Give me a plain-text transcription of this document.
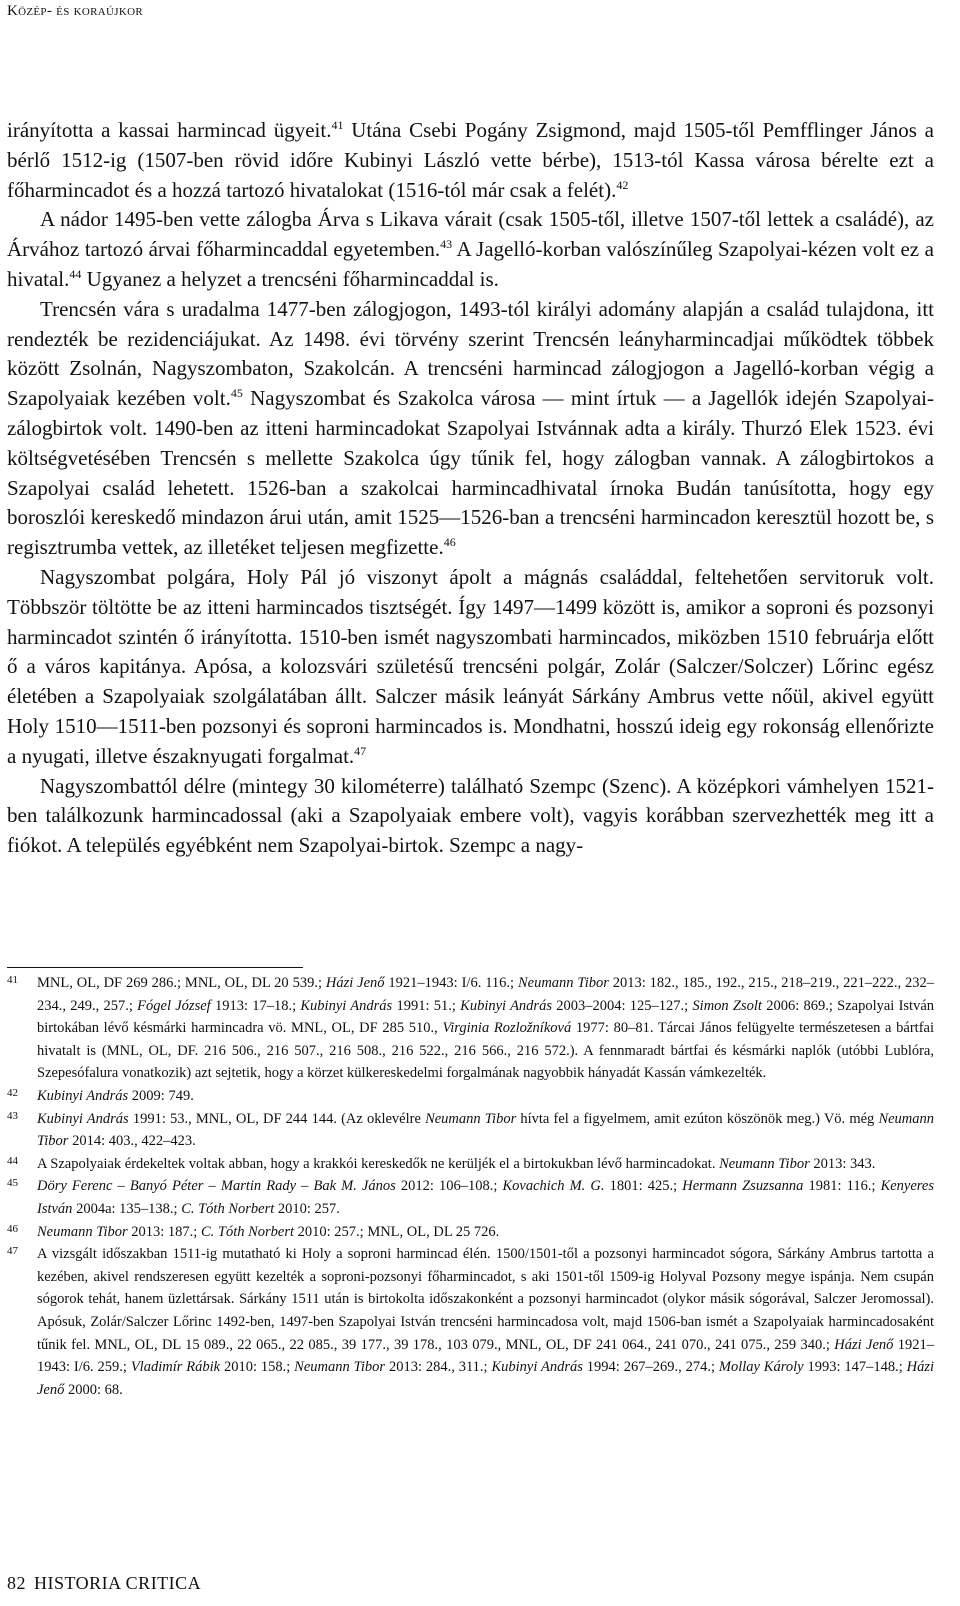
Közép- és koraújkor

irányította a kassai harmincad ügyeit.$^{41}$ Utána Csebi Pogány Zsigmond, majd 1505-től Pemfflinger János a bérlő 1512-ig (1507-ben rövid időre Kubinyi László vette bérbe), 1513-tól Kassa városa bérelte ezt a főharmincadot és a hozzá tartozó hivatalokat (1516-tól már csak a felét).$^{42}$

A nádor 1495-ben vette zálogba Árva s Likava várait (csak 1505-től, illetve 1507-től lettek a családé), az Árvához tartozó árvai főharmincaddal egyetemben.$^{43}$ A Jagelló-korban valószínűleg Szapolyai-kézen volt ez a hivatal.$^{44}$ Ugyanez a helyzet a trencséni főharmincaddal is.

Trencsén vára s uradalma 1477-ben zálogjogon, 1493-tól királyi adomány alapján a család tulajdona, itt rendezték be rezidenciájukat. Az 1498. évi törvény szerint Trencsén leányharmincadjai működtek többek között Zsolnán, Nagyszombaton, Szakolcán. A trencséni harmincad zálogjogon a Jagelló-korban végig a Szapolyaiak kezében volt.$^{45}$ Nagyszombat és Szakolca városa — mint írtuk — a Jagellók idején Szapolyai-zálogbirtok volt. 1490-ben az itteni harmincadokat Szapolyai Istvánnak adta a király. Thurzó Elek 1523. évi költségvetésében Trencsén s mellette Szakolca úgy tűnik fel, hogy zálogban vannak. A zálogbirtokos a Szapolyai család lehetett. 1526-ban a szakolcai harmincadhivatal írnoka Budán tanúsította, hogy egy boroszlói kereskedő mindazon árui után, amit 1525—1526-ban a trencséni harmincadon keresztül hozott be, s regisztrumba vettek, az illetéket teljesen megfizette.$^{46}$

Nagyszombat polgára, Holy Pál jó viszonyt ápolt a mágnás családdal, feltehetően servitoruk volt. Többször töltötte be az itteni harmincados tisztségét. Így 1497—1499 között is, amikor a soproni és pozsonyi harmincadot szintén ő irányította. 1510-ben ismét nagyszombati harmincados, miközben 1510 februárja előtt ő a város kapitánya. Apósa, a kolozsvári születésű trencséni polgár, Zolár (Salczer/Solczer) Lőrinc egész életében a Szapolyaiak szolgálatában állt. Salczer másik leányát Sárkány Ambrus vette nőül, akivel együtt Holy 1510—1511-ben pozsonyi és soproni harmincados is. Mondhatni, hosszú ideig egy rokonság ellenőrizte a nyugati, illetve északnyugati forgalmat.$^{47}$

Nagyszombattól délre (mintegy 30 kilométerre) található Szempc (Szenc). A középkori vámhelyen 1521-ben találkozunk harmincadossal (aki a Szapolyaiak embere volt), vagyis korábban szervezhették meg itt a fiókot. A település egyébként nem Szapolyai-birtok. Szempc a nagy-

41	MNL, OL, DF 269 286.; MNL, OL, DL 20 539.; Házi Jenő 1921–1943: I/6. 116.; Neumann Tibor 2013: 182., 185., 192., 215., 218–219., 221–222., 232–234., 249., 257.; Fógel József 1913: 17–18.; Kubinyi András 1991: 51.; Kubinyi András 2003–2004: 125–127.; Simon Zsolt 2006: 869.; Szapolyai István birtokában lévő késmárki harmincadra vö. MNL, OL, DF 285 510., Virginia Rozložníková 1977: 80–81. Tárcai János felügyelte természetesen a bártfai hivatalt is (MNL, OL, DF. 216 506., 216 507., 216 508., 216 522., 216 566., 216 572.). A fennmaradt bártfai és késmárki naplók (utóbbi Lublóra, Szepesófalura vonatkozik) azt sejtetik, hogy a körzet külkereskedelmi forgalmának nagyobbik hányadát Kassán vámkezelték.
42	Kubinyi András 2009: 749.
43	Kubinyi András 1991: 53., MNL, OL, DF 244 144. (Az oklevélre Neumann Tibor hívta fel a figyelmem, amit ezúton köszönök meg.) Vö. még Neumann Tibor 2014: 403., 422–423.
44	A Szapolyaiak érdekeltek voltak abban, hogy a krakkói kereskedők ne kerüljék el a birtokukban lévő harmincadokat. Neumann Tibor 2013: 343.
45	Döry Ferenc – Banyó Péter – Martin Rady – Bak M. János 2012: 106–108.; Kovachich M. G. 1801: 425.; Hermann Zsuzsanna 1981: 116.; Kenyeres István 2004a: 135–138.; C. Tóth Norbert 2010: 257.
46	Neumann Tibor 2013: 187.; C. Tóth Norbert 2010: 257.; MNL, OL, DL 25 726.
47	A vizsgált időszakban 1511-ig mutatható ki Holy a soproni harmincad élén. 1500/1501-től a pozsonyi harmincadot sógora, Sárkány Ambrus tartotta a kezében, akivel rendszeresen együtt kezelték a soproni-pozsonyi főharmincadot, s aki 1501-től 1509-ig Holyval Pozsony megye ispánja. Nem csupán sógorok tehát, hanem üzlettársak. Sárkány 1511 után is birtokolta időszakonként a pozsonyi harmincadot (olykor másik sógorával, Salczer Jeromossal). Apósuk, Zolár/Salczer Lőrinc 1492-ben, 1497-ben Szapolyai István trencséni harmincadosa volt, majd 1506-ban ismét a Szapolyaiak harmincadosaként tűnik fel. MNL, OL, DL 15 089., 22 065., 22 085., 39 177., 39 178., 103 079., MNL, OL, DF 241 064., 241 070., 241 075., 259 340.; Házi Jenő 1921–1943: I/6. 259.; Vladimír Rábik 2010: 158.; Neumann Tibor 2013: 284., 311.; Kubinyi András 1994: 267–269., 274.; Mollay Károly 1993: 147–148.; Házi Jenő 2000: 68.
82 HISTORIA CRITICA
